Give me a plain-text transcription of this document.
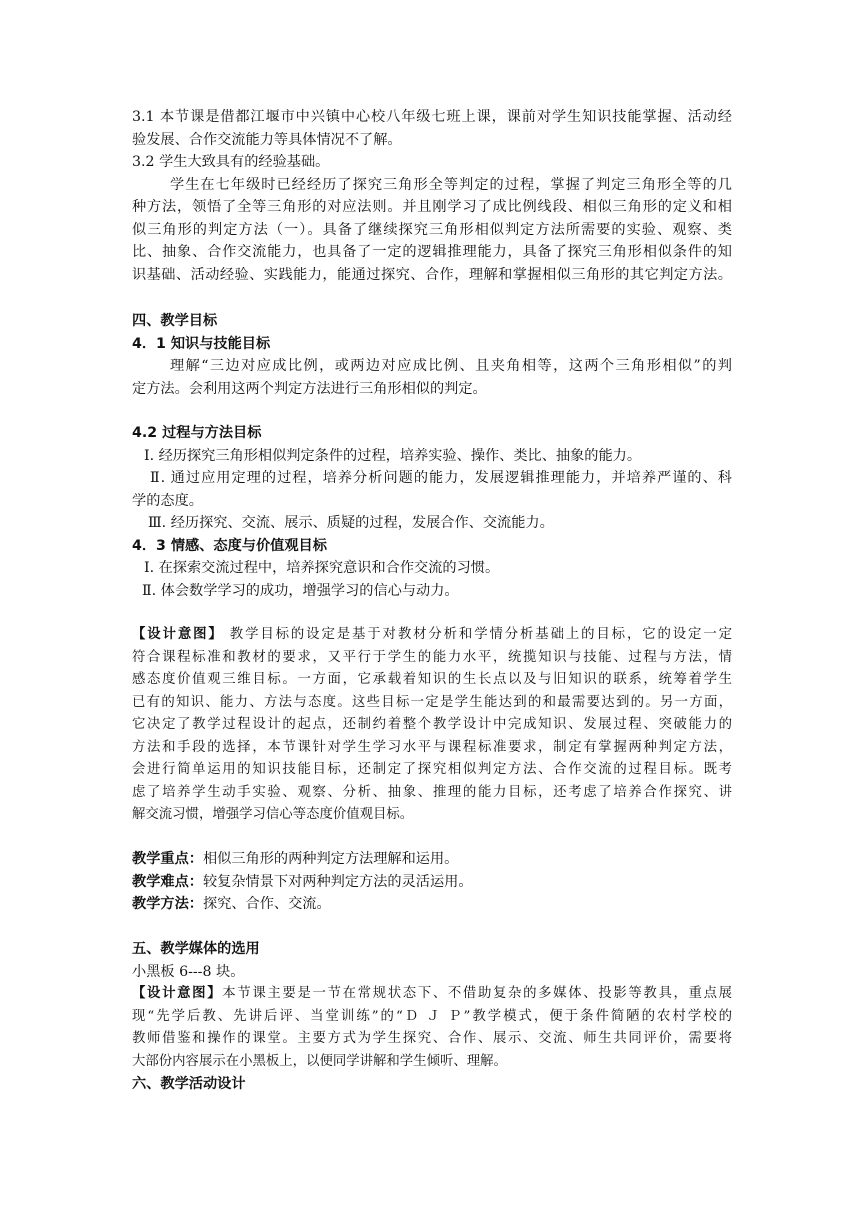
3.1 本节课是借都江堰市中兴镇中心校八年级七班上课，课前对学生知识技能掌握、活动经
验发展、合作交流能力等具体情况不了解。
3.2 学生大致具有的经验基础。
学生在七年级时已经经历了探究三角形全等判定的过程，掌握了判定三角形全等的几
种方法，领悟了全等三角形的对应法则。并且刚学习了成比例线段、相似三角形的定义和相
似三角形的判定方法（一）。具备了继续探究三角形相似判定方法所需要的实验、观察、类
比、抽象、合作交流能力，也具备了一定的逻辑推理能力，具备了探究三角形相似条件的知
识基础、活动经验、实践能力，能通过探究、合作，理解和掌握相似三角形的其它判定方法。
四、教学目标
4．1 知识与技能目标
理解“三边对应成比例，或两边对应成比例、且夹角相等，这两个三角形相似”的判
定方法。会利用这两个判定方法进行三角形相似的判定。
4.2 过程与方法目标
Ⅰ. 经历探究三角形相似判定条件的过程，培养实验、操作、类比、抽象的能力。
Ⅱ. 通过应用定理的过程，培养分析问题的能力，发展逻辑推理能力，并培养严谨的、科
学的态度。
Ⅲ. 经历探究、交流、展示、质疑的过程，发展合作、交流能力。
4．3 情感、态度与价值观目标
Ⅰ. 在探索交流过程中，培养探究意识和合作交流的习惯。
Ⅱ. 体会数学学习的成功，增强学习的信心与动力。
【设计意图】 教学目标的设定是基于对教材分析和学情分析基础上的目标，它的设定一定
符合课程标准和教材的要求，又平行于学生的能力水平，统揽知识与技能、过程与方法，情
感态度价值观三维目标。一方面，它承载着知识的生长点以及与旧知识的联系，统筹着学生
已有的知识、能力、方法与态度。这些目标一定是学生能达到的和最需要达到的。另一方面，
它决定了教学过程设计的起点，还制约着整个教学设计中完成知识、发展过程、突破能力的
方法和手段的选择，本节课针对学生学习水平与课程标准要求，制定有掌握两种判定方法，
会进行简单运用的知识技能目标，还制定了探究相似判定方法、合作交流的过程目标。既考
虑了培养学生动手实验、观察、分析、抽象、推理的能力目标，还考虑了培养合作探究、讲
解交流习惯，增强学习信心等态度价值观目标。
教学重点：相似三角形的两种判定方法理解和运用。
教学难点：较复杂情景下对两种判定方法的灵活运用。
教学方法：探究、合作、交流。
五、教学媒体的选用
小黑板 6---8 块。
【设计意图】本节课主要是一节在常规状态下、不借助复杂的多媒体、投影等教具，重点展
现“先学后教、先讲后评、当堂训练”的“Ｄ Ｊ Ｐ”教学模式，便于条件简陋的农村学校的
教师借鉴和操作的课堂。主要方式为学生探究、合作、展示、交流、师生共同评价，需要将
大部份内容展示在小黑板上，以便同学讲解和学生倾听、理解。
六、教学活动设计
